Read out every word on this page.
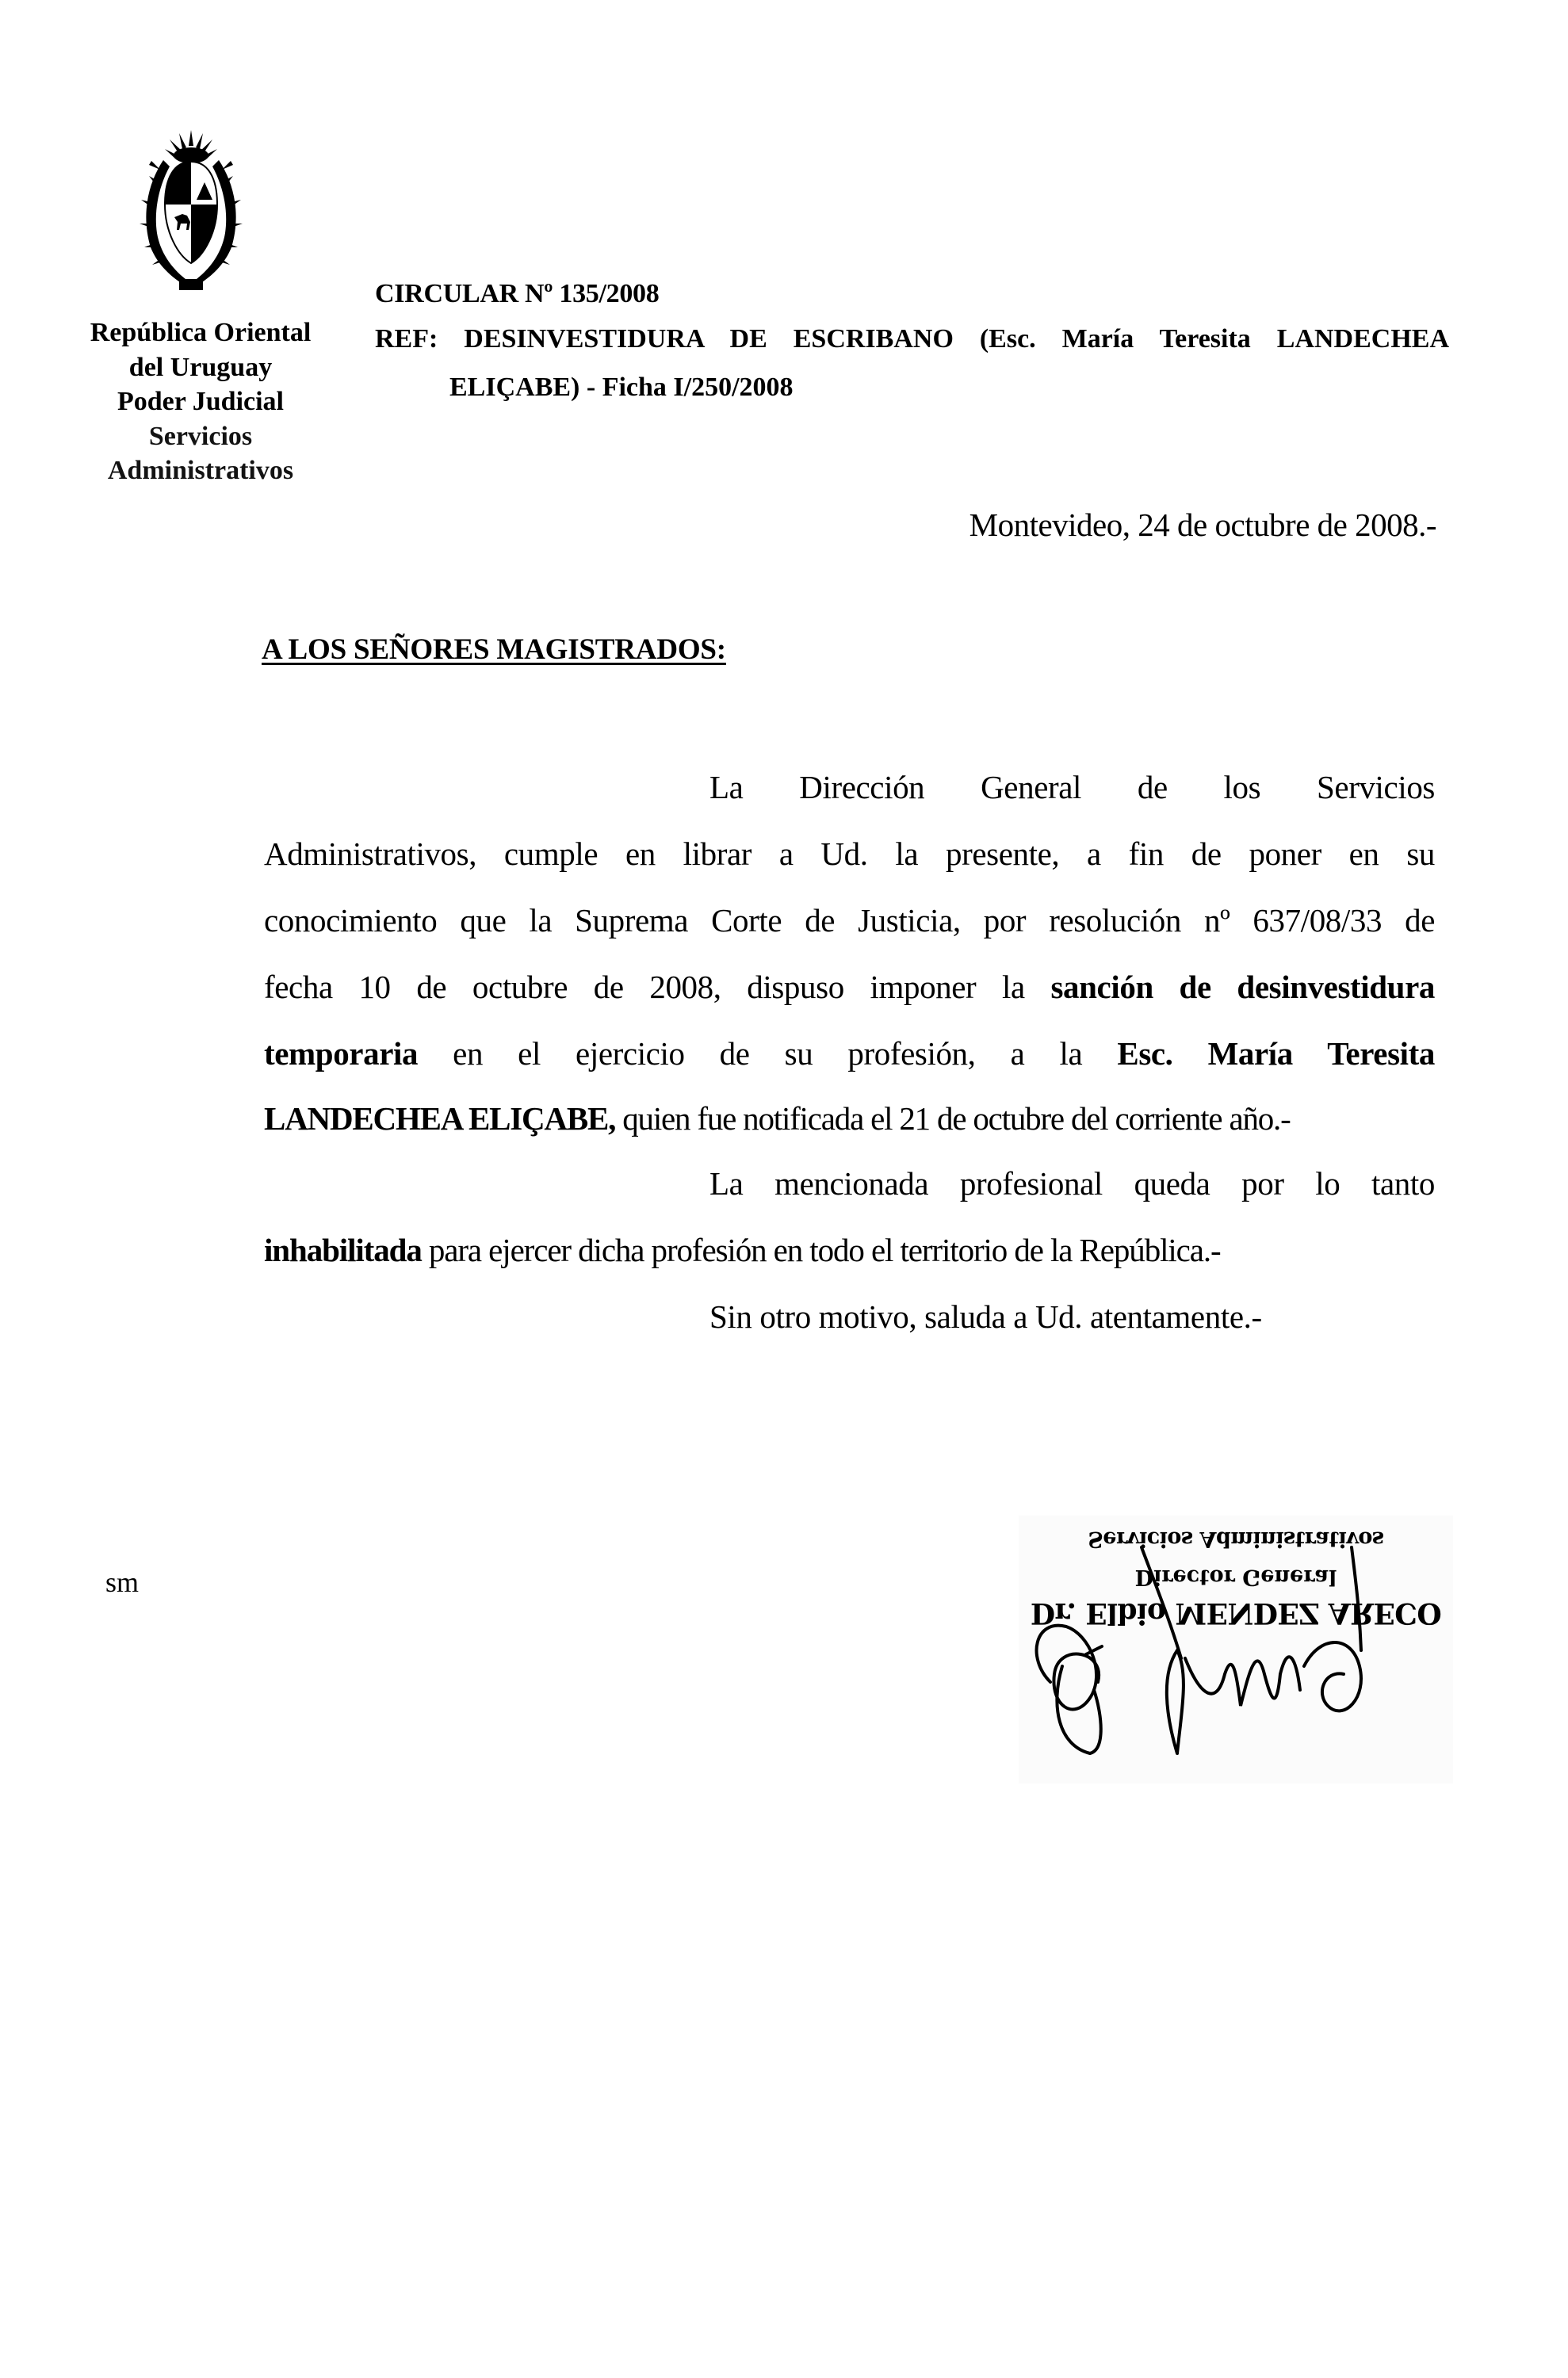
República Oriental
del Uruguay
Poder Judicial
Servicios
Administrativos
CIRCULAR Nº 135/2008
REF: DESINVESTIDURA DE ESCRIBANO (Esc. María Teresita LANDECHEA
ELIÇABE) - Ficha I/250/2008
Montevideo, 24 de octubre de 2008.-
A LOS SEÑORES MAGISTRADOS:
La Dirección General de los Servicios
Administrativos, cumple en librar a Ud. la presente, a fin de poner en su
conocimiento que la Suprema Corte de Justicia, por resolución nº 637/08/33 de
fecha 10 de octubre de 2008, dispuso imponer la sanción de desinvestidura
temporaria en el ejercicio de su profesión, a la Esc. María Teresita
LANDECHEA ELIÇABE, quien fue notificada el 21 de octubre del corriente año.-
La mencionada profesional queda por lo tanto
inhabilitada para ejercer dicha profesión en todo el territorio de la República.-
Sin otro motivo, saluda a Ud. atentamente.-
sm
Servicios Administrativos
Director General
Dr. Elbio MENDEZ ARECO
